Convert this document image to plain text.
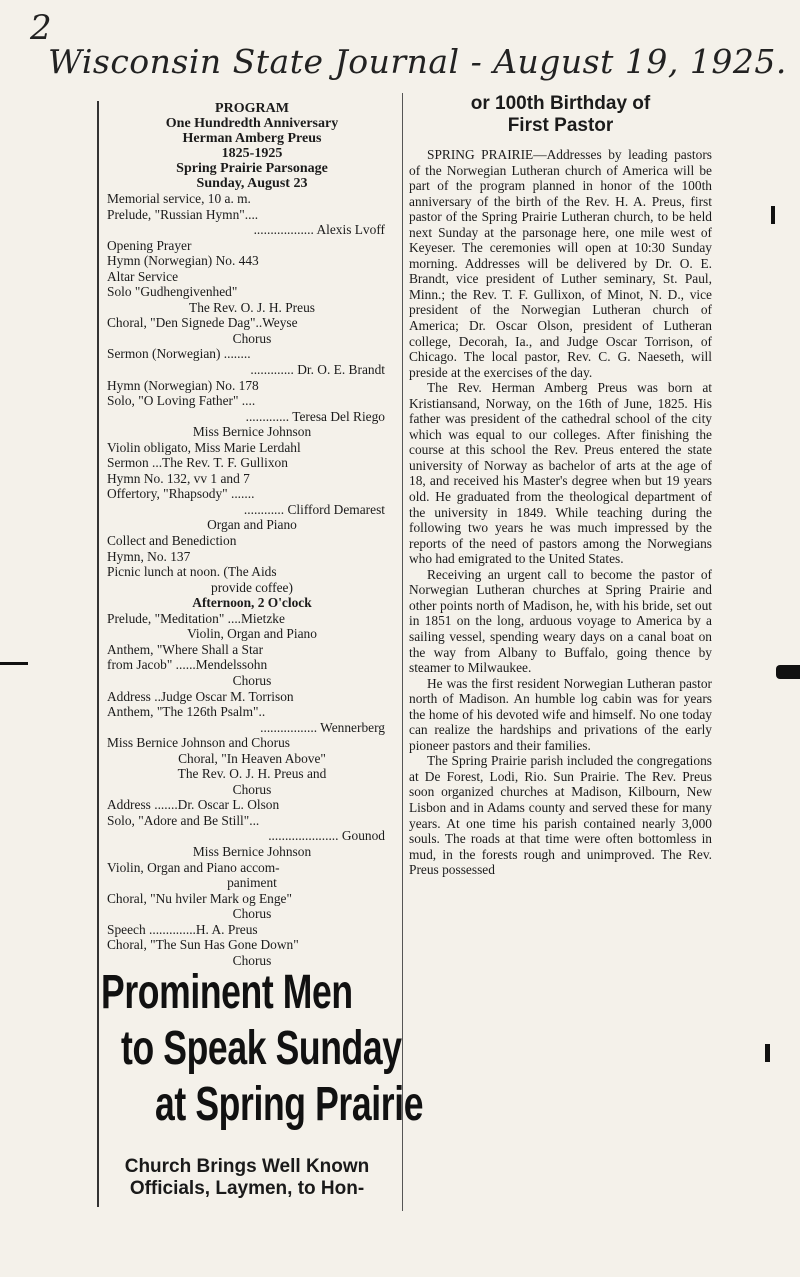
2
Wisconsin State Journal - August 19, 1925.
PROGRAM
One Hundredth Anniversary
Herman Amberg Preus
1825-1925
Spring Prairie Parsonage
Sunday, August 23
Memorial service, 10 a. m.
Prelude, "Russian Hymn"....
.................. Alexis Lvoff
Opening Prayer
Hymn (Norwegian) No. 443
Altar Service
Solo "Gudhengivenhed"
The Rev. O. J. H. Preus
Choral, "Den Signede Dag"..Weyse
Chorus
Sermon (Norwegian) ........
............. Dr. O. E. Brandt
Hymn (Norwegian) No. 178
Solo, "O Loving Father" ....
............. Teresa Del Riego
Miss Bernice Johnson
Violin obligato, Miss Marie Lerdahl
Sermon ...The Rev. T. F. Gullixon
Hymn No. 132, vv 1 and 7
Offertory, "Rhapsody" .......
............ Clifford Demarest
Organ and Piano
Collect and Benediction
Hymn, No. 137
Picnic lunch at noon. (The Aids
provide coffee)
Afternoon, 2 O'clock
Prelude, "Meditation" ....Mietzke
Violin, Organ and Piano
Anthem, "Where Shall a Star
from Jacob" ......Mendelssohn
Chorus
Address ..Judge Oscar M. Torrison
Anthem, "The 126th Psalm"..
................. Wennerberg
Miss Bernice Johnson and Chorus
Choral, "In Heaven Above"
The Rev. O. J. H. Preus and
Chorus
Address .......Dr. Oscar L. Olson
Solo, "Adore and Be Still"...
..................... Gounod
Miss Bernice Johnson
Violin, Organ and Piano accom-
paniment
Choral, "Nu hviler Mark og Enge"
Chorus
Speech ..............H. A. Preus
Choral, "The Sun Has Gone Down"
Chorus
Prominent Men
to Speak Sunday
at Spring Prairie
Church Brings Well Known
Officials, Laymen, to Hon-
or 100th Birthday of
First Pastor
SPRING PRAIRIE—Addresses by leading pastors of the Norwegian Lutheran church of America will be part of the program planned in honor of the 100th anniversary of the birth of the Rev. H. A. Preus, first pastor of the Spring Prairie Lutheran church, to be held next Sunday at the parsonage here, one mile west of Keyeser. The ceremonies will open at 10:30 Sunday morning. Addresses will be delivered by Dr. O. E. Brandt, vice president of Luther seminary, St. Paul, Minn.; the Rev. T. F. Gullixon, of Minot, N. D., vice president of the Norwegian Lutheran church of America; Dr. Oscar Olson, president of Lutheran college, Decorah, Ia., and Judge Oscar Torrison, of Chicago. The local pastor, Rev. C. G. Naeseth, will preside at the exercises of the day.
The Rev. Herman Amberg Preus was born at Kristiansand, Norway, on the 16th of June, 1825. His father was president of the cathedral school of the city which was equal to our colleges. After finishing the course at this school the Rev. Preus entered the state university of Norway as bachelor of arts at the age of 18, and received his Master's degree when but 19 years old. He graduated from the theological department of the university in 1849. While teaching during the following two years he was much impressed by the reports of the need of pastors among the Norwegians who had emigrated to the United States.
Receiving an urgent call to become the pastor of Norwegian Lutheran churches at Spring Prairie and other points north of Madison, he, with his bride, set out in 1851 on the long, arduous voyage to America by a sailing vessel, spending weary days on a canal boat on the way from Albany to Buffalo, going thence by steamer to Milwaukee.
He was the first resident Norwegian Lutheran pastor north of Madison. An humble log cabin was for years the home of his devoted wife and himself. No one today can realize the hardships and privations of the early pioneer pastors and their families.
The Spring Prairie parish included the congregations at De Forest, Lodi, Rio. Sun Prairie. The Rev. Preus soon organized churches at Madison, Kilbourn, New Lisbon and in Adams county and served these for many years. At one time his parish contained nearly 3,000 souls. The roads at that time were often bottomless in mud, in the forests rough and unimproved. The Rev. Preus possessed
